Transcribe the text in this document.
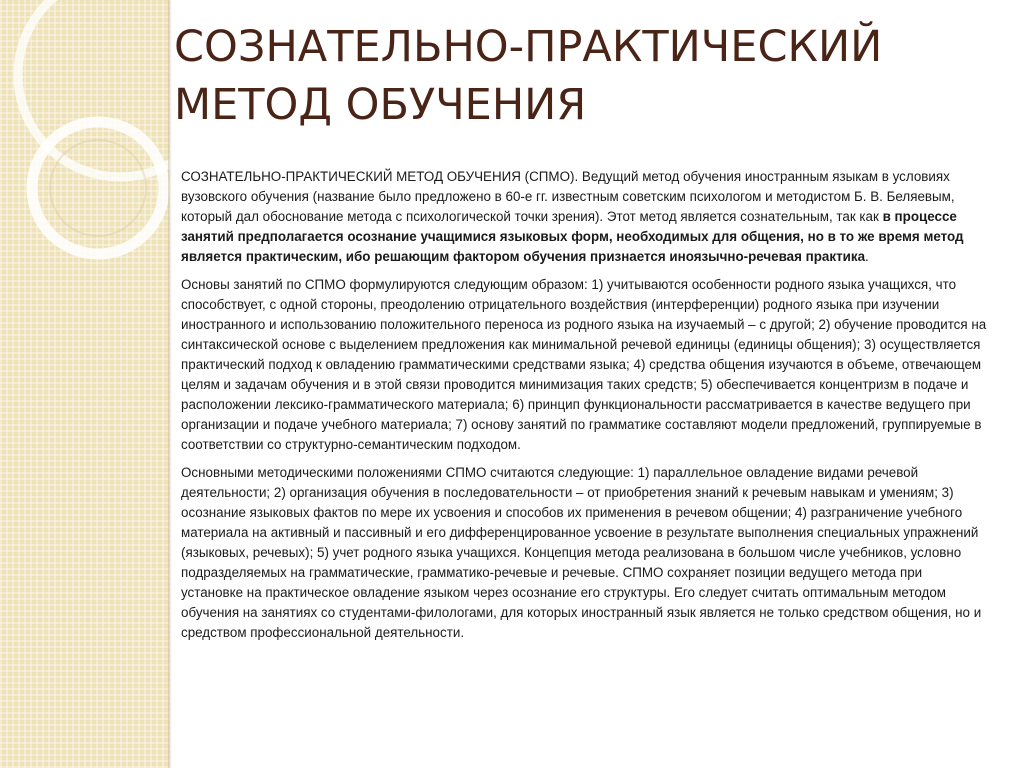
СОЗНАТЕЛЬНО-ПРАКТИЧЕСКИЙ
МЕТОД ОБУЧЕНИЯ

СОЗНАТЕЛЬНО-ПРАКТИЧЕСКИЙ МЕТОД ОБУЧЕНИЯ (СПМО). Ведущий метод обучения иностранным языкам в условиях вузовского обучения (название было предложено в 60-е гг. известным советским психологом и методистом Б. В. Беляевым, который дал обоснование метода с психологической точки зрения). Этот метод является сознательным, так как в процессе занятий предполагается осознание учащимися языковых форм, необходимых для общения, но в то же время метод является практическим, ибо решающим фактором обучения признается иноязычно-речевая практика.

Основы занятий по СПМО формулируются следующим образом: 1) учитываются особенности родного языка учащихся, что способствует, с одной стороны, преодолению отрицательного воздействия (интерференции) родного языка при изучении иностранного и использованию положительного переноса из родного языка на изучаемый – с другой; 2) обучение проводится на синтаксической основе с выделением предложения как минимальной речевой единицы (единицы общения); 3) осуществляется практический подход к овладению грамматическими средствами языка; 4) средства общения изучаются в объеме, отвечающем целям и задачам обучения и в этой связи проводится минимизация таких средств; 5) обеспечивается концентризм в подаче и расположении лексико-грамматического материала; 6) принцип функциональности рассматривается в качестве ведущего при организации и подаче учебного материала; 7) основу занятий по грамматике составляют модели предложений, группируемые в соответствии со структурно-семантическим подходом.

Основными методическими положениями СПМО считаются следующие: 1) параллельное овладение видами речевой деятельности; 2) организация обучения в последовательности – от приобретения знаний к речевым навыкам и умениям; 3) осознание языковых фактов по мере их усвоения и способов их применения в речевом общении; 4) разграничение учебного материала на активный и пассивный и его дифференцированное усвоение в результате выполнения специальных упражнений (языковых, речевых); 5) учет родного языка учащихся. Концепция метода реализована в большом числе учебников, условно подразделяемых на грамматические, грамматико-речевые и речевые. СПМО сохраняет позиции ведущего метода при установке на практическое овладение языком через осознание его структуры. Его следует считать оптимальным методом обучения на занятиях со студентами-филологами, для которых иностранный язык является не только средством общения, но и средством профессиональной деятельности.
